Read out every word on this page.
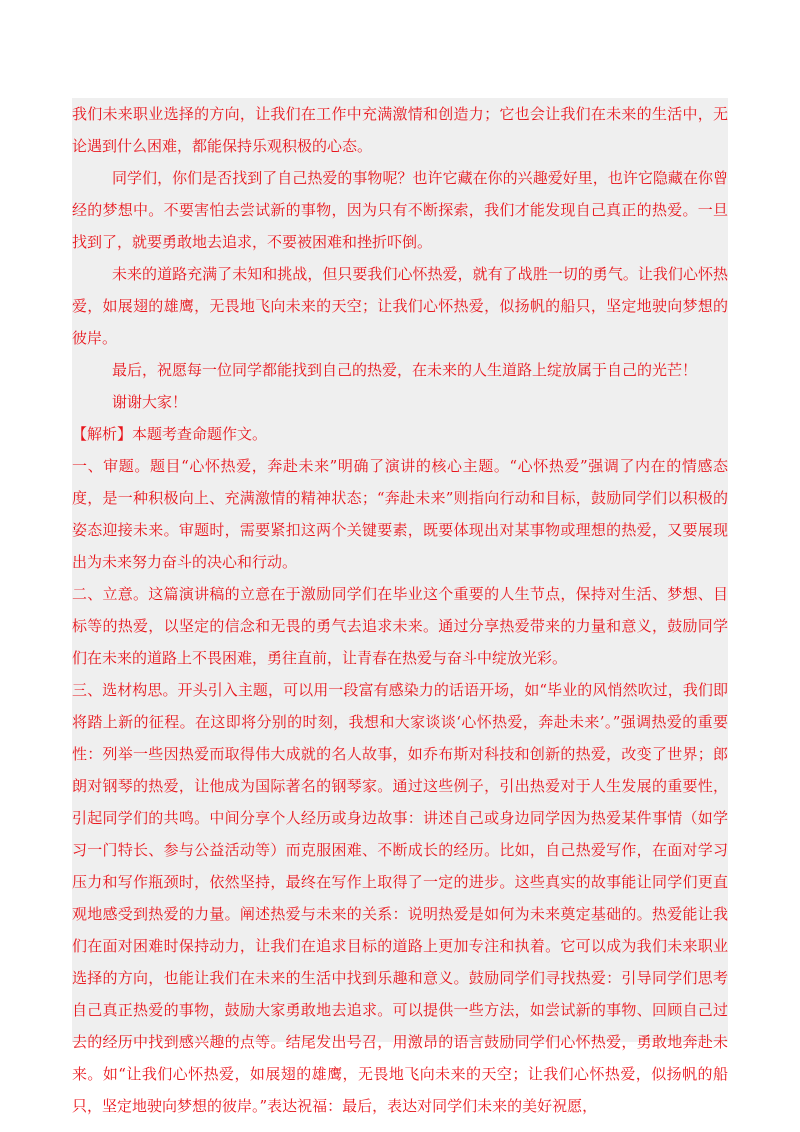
我们未来职业选择的方向，让我们在工作中充满激情和创造力；它也会让我们在未来的生活中，无论遇到什么困难，都能保持乐观积极的心态。

同学们，你们是否找到了自己热爱的事物呢？也许它藏在你的兴趣爱好里，也许它隐藏在你曾经的梦想中。不要害怕去尝试新的事物，因为只有不断探索，我们才能发现自己真正的热爱。一旦找到了，就要勇敢地去追求，不要被困难和挫折吓倒。

未来的道路充满了未知和挑战，但只要我们心怀热爱，就有了战胜一切的勇气。让我们心怀热爱，如展翅的雄鹰，无畏地飞向未来的天空；让我们心怀热爱，似扬帆的船只，坚定地驶向梦想的彼岸。

最后，祝愿每一位同学都能找到自己的热爱，在未来的人生道路上绽放属于自己的光芒！

谢谢大家！

【解析】本题考查命题作文。

一、审题。题目“心怀热爱，奔赴未来”明确了演讲的核心主题。“心怀热爱”强调了内在的情感态度，是一种积极向上、充满激情的精神状态；“奔赴未来”则指向行动和目标，鼓励同学们以积极的姿态迎接未来。审题时，需要紧扣这两个关键要素，既要体现出对某事物或理想的热爱，又要展现出为未来努力奋斗的决心和行动。

二、立意。这篇演讲稿的立意在于激励同学们在毕业这个重要的人生节点，保持对生活、梦想、目标等的热爱，以坚定的信念和无畏的勇气去追求未来。通过分享热爱带来的力量和意义，鼓励同学们在未来的道路上不畏困难，勇往直前，让青春在热爱与奋斗中绽放光彩。

三、选材构思。开头引入主题，可以用一段富有感染力的话语开场，如“毕业的风悄然吹过，我们即将踏上新的征程。在这即将分别的时刻，我想和大家谈谈‘心怀热爱，奔赴未来’。”强调热爱的重要性：列举一些因热爱而取得伟大成就的名人故事，如乔布斯对科技和创新的热爱，改变了世界；郎朗对钢琴的热爱，让他成为国际著名的钢琴家。通过这些例子，引出热爱对于人生发展的重要性，引起同学们的共鸣。中间分享个人经历或身边故事：讲述自己或身边同学因为热爱某件事情（如学习一门特长、参与公益活动等）而克服困难、不断成长的经历。比如，自己热爱写作，在面对学习压力和写作瓶颈时，依然坚持，最终在写作上取得了一定的进步。这些真实的故事能让同学们更直观地感受到热爱的力量。阐述热爱与未来的关系：说明热爱是如何为未来奠定基础的。热爱能让我们在面对困难时保持动力，让我们在追求目标的道路上更加专注和执着。它可以成为我们未来职业选择的方向，也能让我们在未来的生活中找到乐趣和意义。鼓励同学们寻找热爱：引导同学们思考自己真正热爱的事物，鼓励大家勇敢地去追求。可以提供一些方法，如尝试新的事物、回顾自己过去的经历中找到感兴趣的点等。结尾发出号召，用激昂的语言鼓励同学们心怀热爱，勇敢地奔赴未来。如“让我们心怀热爱，如展翅的雄鹰，无畏地飞向未来的天空；让我们心怀热爱，似扬帆的船只，坚定地驶向梦想的彼岸。”表达祝福：最后，表达对同学们未来的美好祝愿，
